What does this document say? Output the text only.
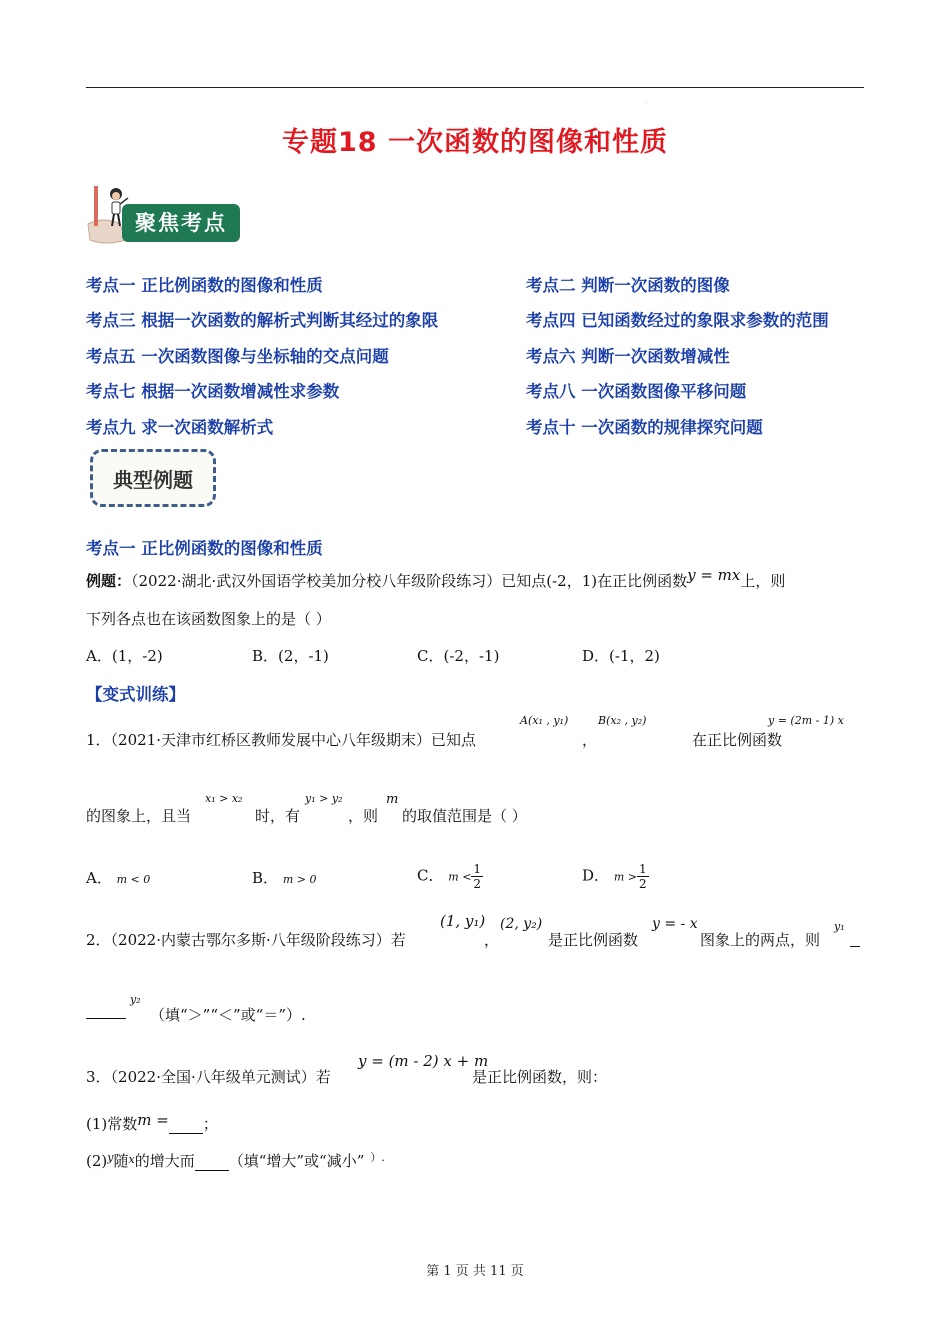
.
专题18 一次函数的图像和性质
聚焦考点
考点一 正比例函数的图像和性质	考点二 判断一次函数的图像
考点三 根据一次函数的解析式判断其经过的象限	考点四 已知函数经过的象限求参数的范围
考点五 一次函数图像与坐标轴的交点问题	考点六 判断一次函数增减性
考点七 根据一次函数增减性求参数	考点八 一次函数图像平移问题
考点九 求一次函数解析式	考点十 一次函数的规律探究问题
典型例题
考点一 正比例函数的图像和性质
例题：（2022·湖北·武汉外国语学校美加分校八年级阶段练习）已知点(-2，1)在正比例函数y = mx上，则
下列各点也在该函数图象上的是（ ）
A．(1，-2)	B．(2，-1)	C．(-2，-1)	D．(-1，2)
【变式训练】
1．（2021·天津市红桥区教师发展中心八年级期末）已知点
A(x₁ , y₁)
，
B(x₂ , y₂)
在正比例函数
y = (2m - 1) x
的图象上，且当
x₁ > x₂
时，有
y₁ > y₂
，则
m
的取值范围是（ ）
A． m < 0	B． m > 0	C． $m < \frac{1}{2}$	D． $m > \frac{1}{2}$
2．（2022·内蒙古鄂尔多斯·八年级阶段练习）若
(1, y₁)
，
(2, y₂)
是正比例函数
y = - x
图象上的两点，则
y₁
y₂
（填“＞”“＜”或“＝”）.
3．（2022·全国·八年级单元测试）若
y = (m - 2) x + m
是正比例函数，则：
(1)常数m = ；
$(2)^y$随$^x$的增大而 （填“增大”或“减小” ）.
第 1 页 共 11 页
